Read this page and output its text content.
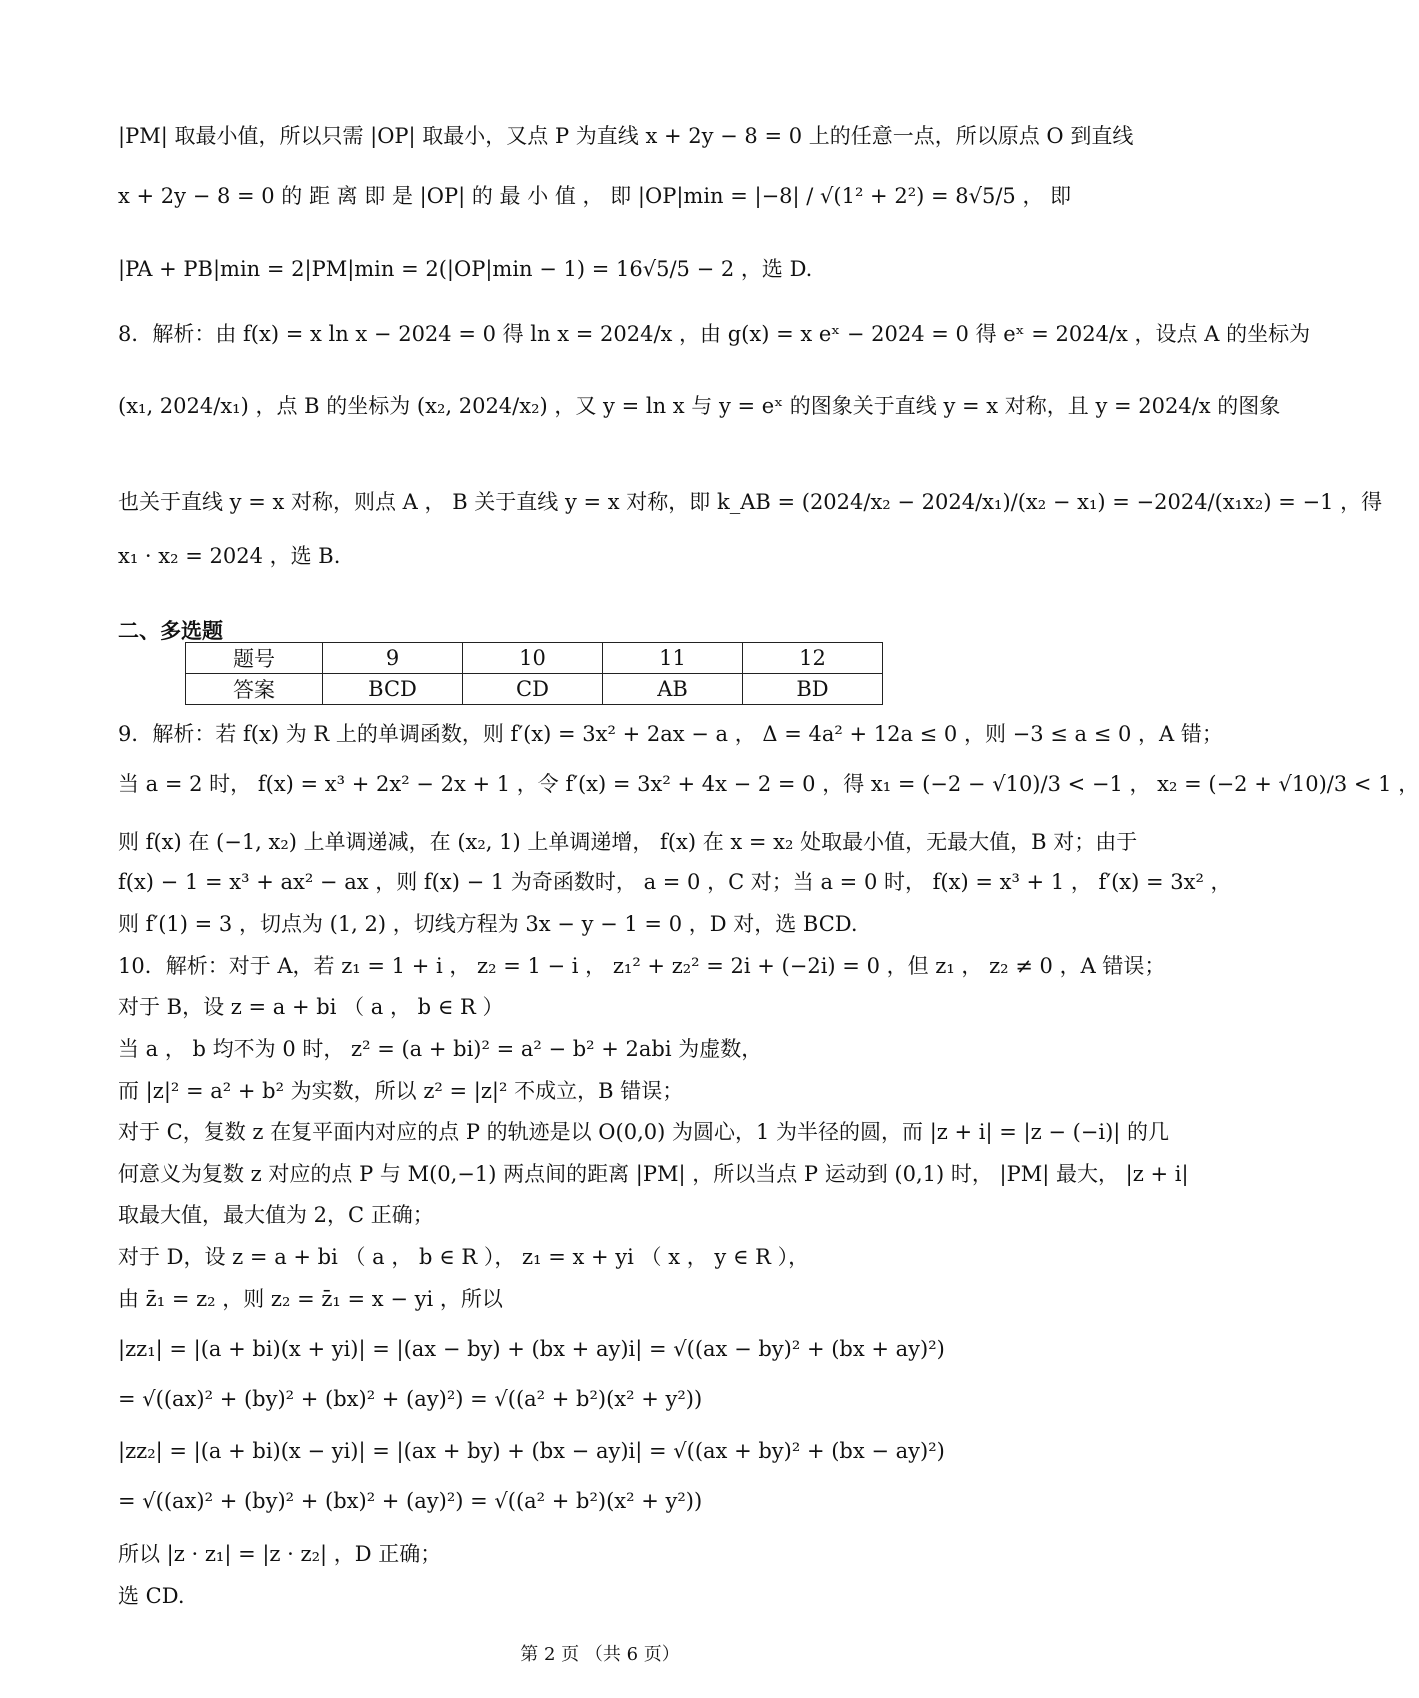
|PM| 取最小值，所以只需 |OP| 取最小，又点 P 为直线 x + 2y − 8 = 0 上的任意一点，所以原点 O 到直线
x + 2y − 8 = 0 的 距 离 即 是 |OP| 的 最 小 值 ， 即 |OP|min = |−8| / √(1² + 2²) = 8√5/5 ， 即
|PA + PB|min = 2|PM|min = 2(|OP|min − 1) = 16√5/5 − 2 ，选 D.
8．解析：由 f(x) = x ln x − 2024 = 0 得 ln x = 2024/x ，由 g(x) = x eˣ − 2024 = 0 得 eˣ = 2024/x ，设点 A 的坐标为
(x₁, 2024/x₁) ，点 B 的坐标为 (x₂, 2024/x₂) ，又 y = ln x 与 y = eˣ 的图象关于直线 y = x 对称，且 y = 2024/x 的图象
也关于直线 y = x 对称，则点 A ， B 关于直线 y = x 对称，即 k_AB = (2024/x₂ − 2024/x₁)/(x₂ − x₁) = −2024/(x₁x₂) = −1 ，得
x₁ · x₂ = 2024 ，选 B.
9．解析：若 f(x) 为 R 上的单调函数，则 f′(x) = 3x² + 2ax − a ， Δ = 4a² + 12a ≤ 0 ，则 −3 ≤ a ≤ 0 ，A 错；
当 a = 2 时， f(x) = x³ + 2x² − 2x + 1 ，令 f′(x) = 3x² + 4x − 2 = 0 ，得 x₁ = (−2 − √10)/3 < −1 ， x₂ = (−2 + √10)/3 < 1 ，
则 f(x) 在 (−1, x₂) 上单调递减，在 (x₂, 1) 上单调递增， f(x) 在 x = x₂ 处取最小值，无最大值，B 对；由于
f(x) − 1 = x³ + ax² − ax ，则 f(x) − 1 为奇函数时， a = 0 ，C 对；当 a = 0 时， f(x) = x³ + 1 ， f′(x) = 3x² ，
则 f′(1) = 3 ，切点为 (1, 2) ，切线方程为 3x − y − 1 = 0 ，D 对，选 BCD.
10．解析：对于 A，若 z₁ = 1 + i ， z₂ = 1 − i ， z₁² + z₂² = 2i + (−2i) = 0 ，但 z₁ ， z₂ ≠ 0 ，A 错误；
对于 B，设 z = a + bi （ a ， b ∈ R ）
当 a ， b 均不为 0 时， z² = (a + bi)² = a² − b² + 2abi 为虚数，
而 |z|² = a² + b² 为实数，所以 z² = |z|² 不成立，B 错误；
对于 C，复数 z 在复平面内对应的点 P 的轨迹是以 O(0,0) 为圆心，1 为半径的圆，而 |z + i| = |z − (−i)| 的几
何意义为复数 z 对应的点 P 与 M(0,−1) 两点间的距离 |PM| ，所以当点 P 运动到 (0,1) 时， |PM| 最大， |z + i|
取最大值，最大值为 2，C 正确；
对于 D，设 z = a + bi （ a ， b ∈ R ）， z₁ = x + yi （ x ， y ∈ R ），
由 z̄₁ = z₂ ，则 z₂ = z̄₁ = x − yi ，所以
|zz₁| = |(a + bi)(x + yi)| = |(ax − by) + (bx + ay)i| = √((ax − by)² + (bx + ay)²)
= √((ax)² + (by)² + (bx)² + (ay)²) = √((a² + b²)(x² + y²))
|zz₂| = |(a + bi)(x − yi)| = |(ax + by) + (bx − ay)i| = √((ax + by)² + (bx − ay)²)
= √((ax)² + (by)² + (bx)² + (ay)²) = √((a² + b²)(x² + y²))
所以 |z · z₁| = |z · z₂| ，D 正确；
选 CD.
二、多选题
题号	9	10	11	12
答案	BCD	CD	AB	BD
第 2 页 （共 6 页）
